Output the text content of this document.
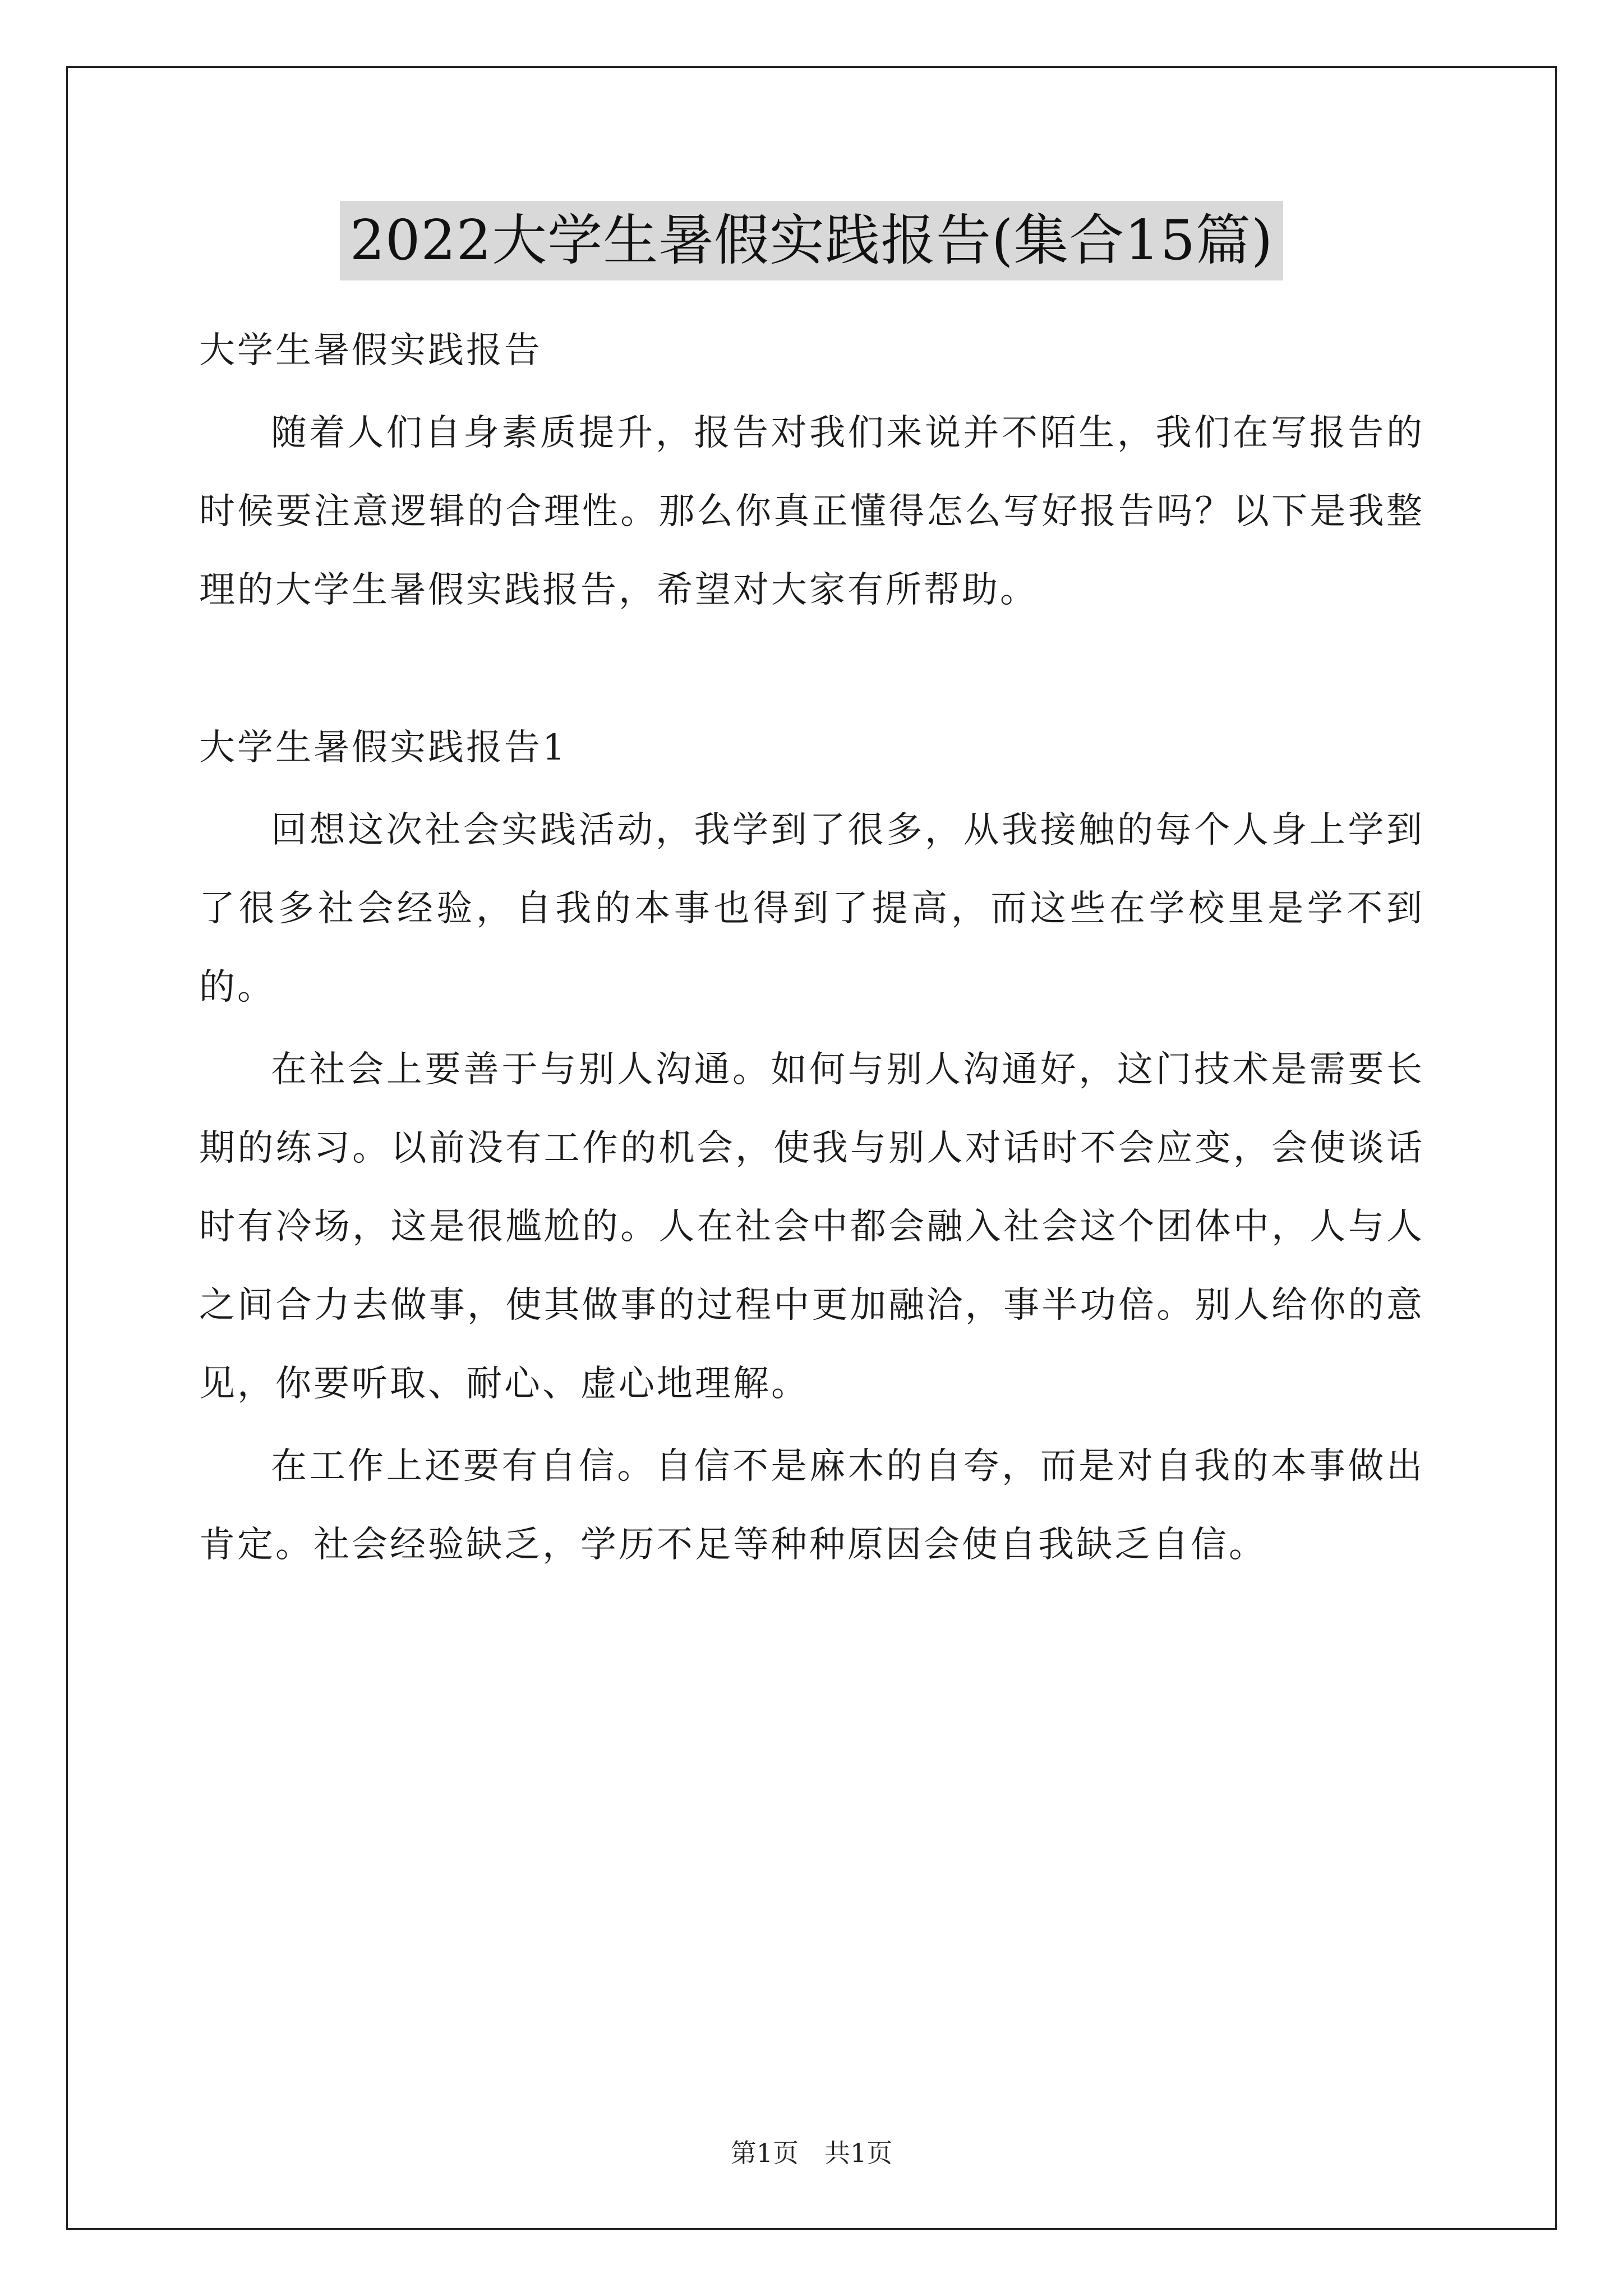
2022大学生暑假实践报告(集合15篇)

大学生暑假实践报告

随着人们自身素质提升，报告对我们来说并不陌生，我们在写报告的时候要注意逻辑的合理性。那么你真正懂得怎么写好报告吗？以下是我整理的大学生暑假实践报告，希望对大家有所帮助。

大学生暑假实践报告1

回想这次社会实践活动，我学到了很多，从我接触的每个人身上学到了很多社会经验，自我的本事也得到了提高，而这些在学校里是学不到的。

在社会上要善于与别人沟通。如何与别人沟通好，这门技术是需要长期的练习。以前没有工作的机会，使我与别人对话时不会应变，会使谈话时有冷场，这是很尴尬的。人在社会中都会融入社会这个团体中，人与人之间合力去做事，使其做事的过程中更加融洽，事半功倍。别人给你的意见，你要听取、耐心、虚心地理解。

在工作上还要有自信。自信不是麻木的自夸，而是对自我的本事做出肯定。社会经验缺乏，学历不足等种种原因会使自我缺乏自信。

第1页　共1页
